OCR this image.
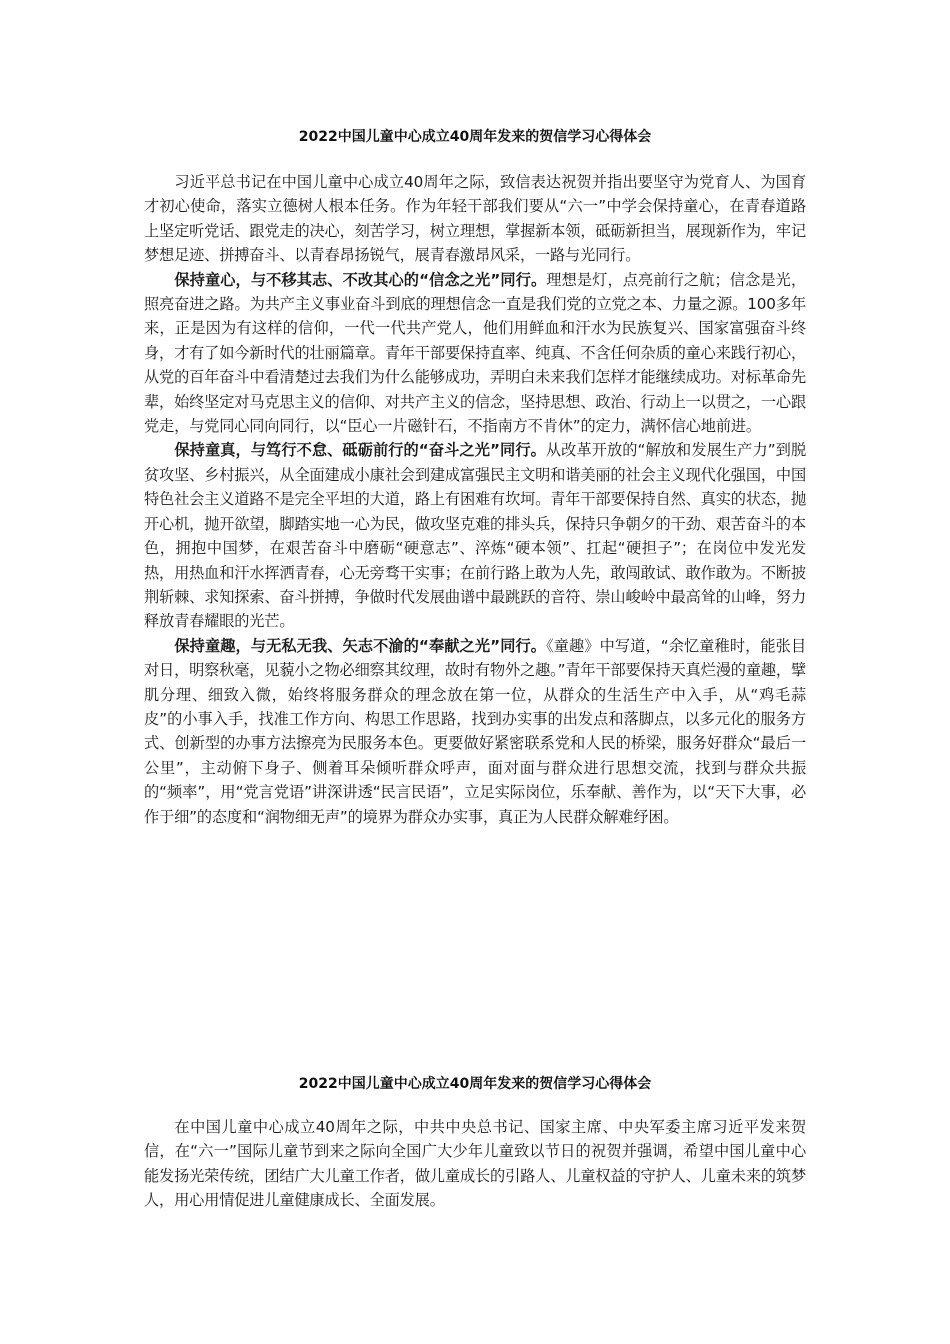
2022中国儿童中心成立40周年发来的贺信学习心得体会

习近平总书记在中国儿童中心成立40周年之际，致信表达祝贺并指出要坚守为党育人、为国育才初心使命，落实立德树人根本任务。作为年轻干部我们要从“六一”中学会保持童心，在青春道路上坚定听党话、跟党走的决心，刻苦学习，树立理想，掌握新本领，砥砺新担当，展现新作为，牢记梦想足迹、拼搏奋斗、以青春昂扬锐气，展青春激昂风采，一路与光同行。

保持童心，与不移其志、不改其心的“信念之光”同行。理想是灯，点亮前行之航；信念是光，照亮奋进之路。为共产主义事业奋斗到底的理想信念一直是我们党的立党之本、力量之源。100多年来，正是因为有这样的信仰，一代一代共产党人，他们用鲜血和汗水为民族复兴、国家富强奋斗终身，才有了如今新时代的壮丽篇章。青年干部要保持直率、纯真、不含任何杂质的童心来践行初心，从党的百年奋斗中看清楚过去我们为什么能够成功，弄明白未来我们怎样才能继续成功。对标革命先辈，始终坚定对马克思主义的信仰、对共产主义的信念，坚持思想、政治、行动上一以贯之，一心跟党走，与党同心同向同行，以“臣心一片磁针石，不指南方不肯休”的定力，满怀信心地前进。

保持童真，与笃行不怠、砥砺前行的“奋斗之光”同行。从改革开放的“解放和发展生产力”到脱贫攻坚、乡村振兴，从全面建成小康社会到建成富强民主文明和谐美丽的社会主义现代化强国，中国特色社会主义道路不是完全平坦的大道，路上有困难有坎坷。青年干部要保持自然、真实的状态，抛开心机，抛开欲望，脚踏实地一心为民，做攻坚克难的排头兵，保持只争朝夕的干劲、艰苦奋斗的本色，拥抱中国梦，在艰苦奋斗中磨砺“硬意志”、淬炼“硬本领”、扛起“硬担子”；在岗位中发光发热，用热血和汗水挥洒青春，心无旁骛干实事；在前行路上敢为人先，敢闯敢试、敢作敢为。不断披荆斩棘、求知探索、奋斗拼搏，争做时代发展曲谱中最跳跃的音符、崇山峻岭中最高耸的山峰，努力释放青春耀眼的光芒。

保持童趣，与无私无我、矢志不渝的“奉献之光”同行。《童趣》中写道，“余忆童稚时，能张目对日，明察秋毫，见藐小之物必细察其纹理，故时有物外之趣。”青年干部要保持天真烂漫的童趣，擘肌分理、细致入微，始终将服务群众的理念放在第一位，从群众的生活生产中入手，从“鸡毛蒜皮”的小事入手，找准工作方向、构思工作思路，找到办实事的出发点和落脚点，以多元化的服务方式、创新型的办事方法擦亮为民服务本色。更要做好紧密联系党和人民的桥梁，服务好群众“最后一公里”，主动俯下身子、侧着耳朵倾听群众呼声，面对面与群众进行思想交流，找到与群众共振的“频率”，用“党言党语”讲深讲透“民言民语”，立足实际岗位，乐奉献、善作为，以“天下大事，必作于细”的态度和“润物细无声”的境界为群众办实事，真正为人民群众解难纾困。

2022中国儿童中心成立40周年发来的贺信学习心得体会

在中国儿童中心成立40周年之际，中共中央总书记、国家主席、中央军委主席习近平发来贺信，在“六一”国际儿童节到来之际向全国广大少年儿童致以节日的祝贺并强调，希望中国儿童中心能发扬光荣传统，团结广大儿童工作者，做儿童成长的引路人、儿童权益的守护人、儿童未来的筑梦人，用心用情促进儿童健康成长、全面发展。
